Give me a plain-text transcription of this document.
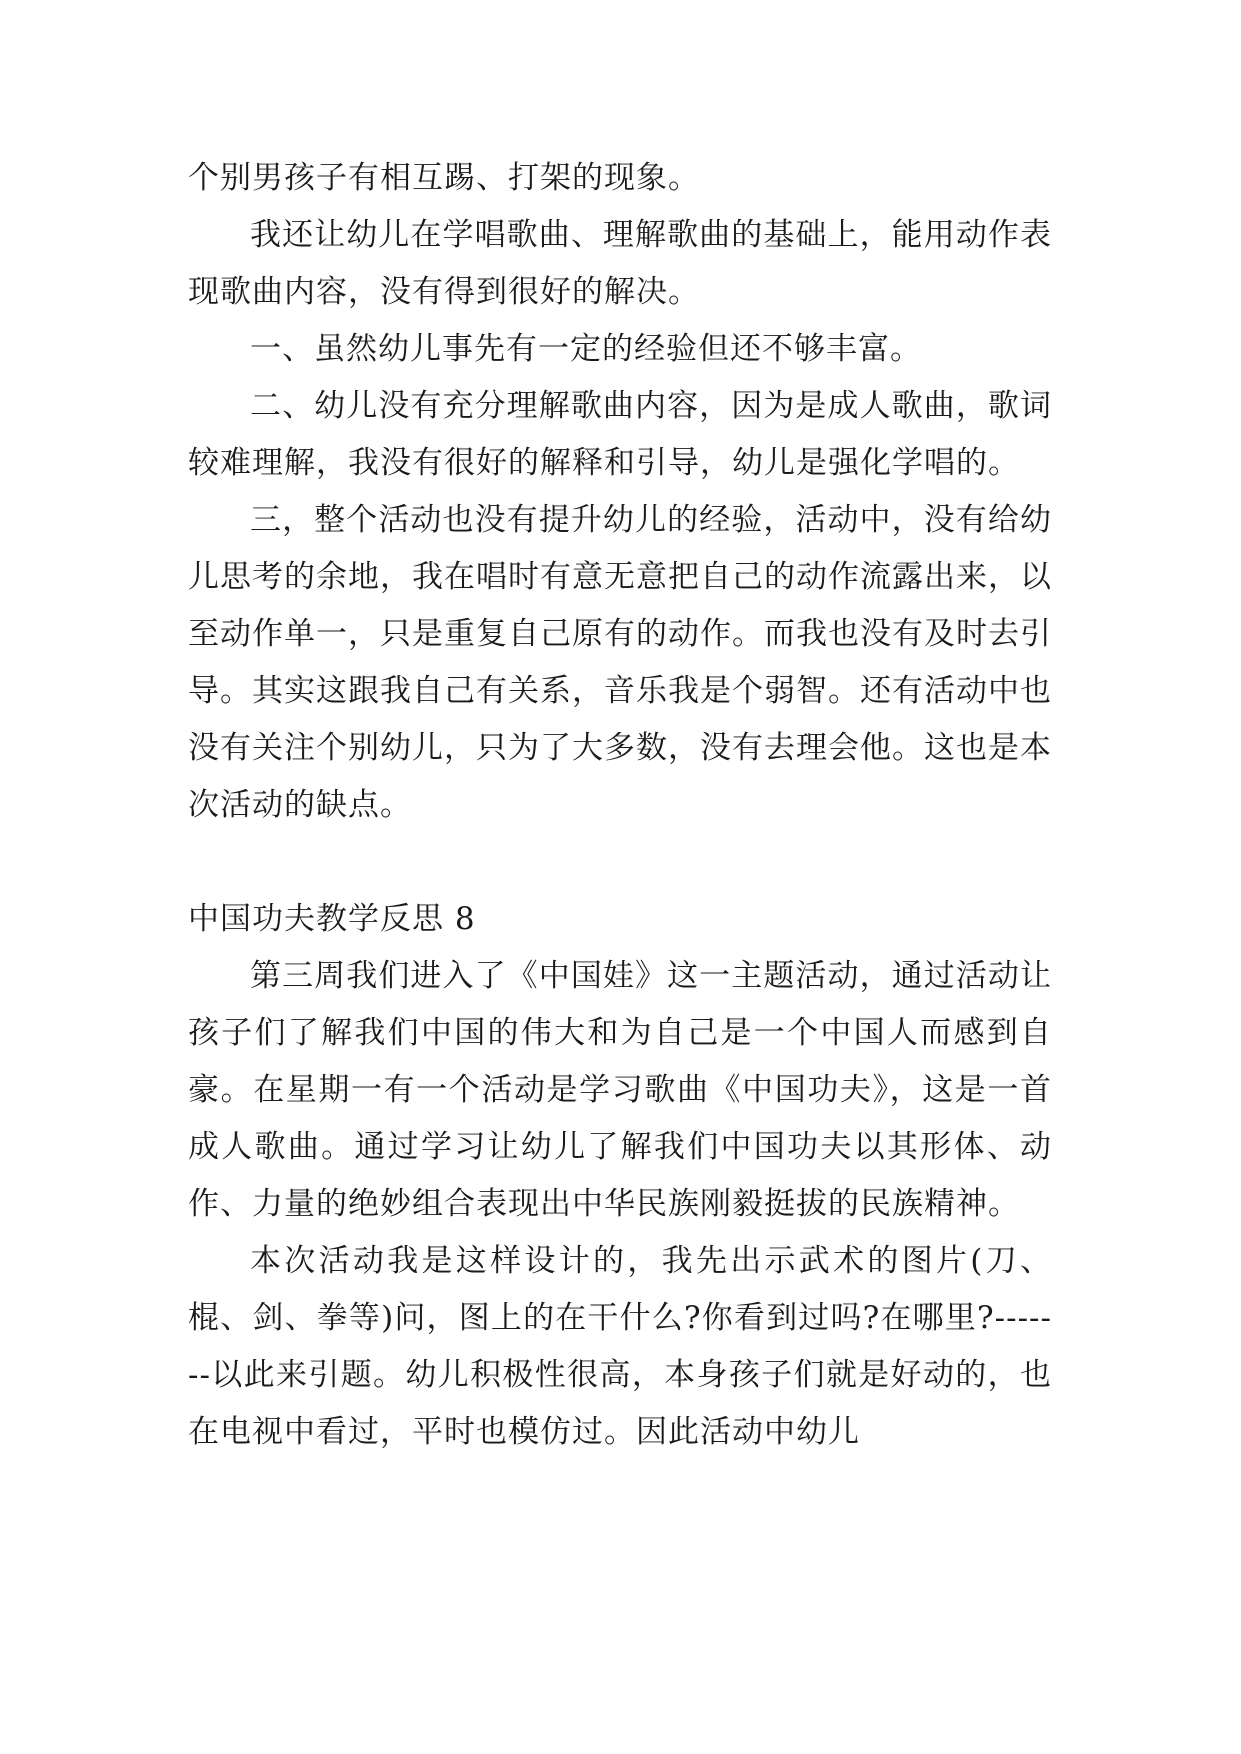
个别男孩子有相互踢、打架的现象。

我还让幼儿在学唱歌曲、理解歌曲的基础上，能用动作表现歌曲内容，没有得到很好的解决。

一、虽然幼儿事先有一定的经验但还不够丰富。

二、幼儿没有充分理解歌曲内容，因为是成人歌曲，歌词较难理解，我没有很好的解释和引导，幼儿是强化学唱的。

三，整个活动也没有提升幼儿的经验，活动中，没有给幼儿思考的余地，我在唱时有意无意把自己的动作流露出来，以至动作单一，只是重复自己原有的动作。而我也没有及时去引导。其实这跟我自己有关系，音乐我是个弱智。还有活动中也没有关注个别幼儿，只为了大多数，没有去理会他。这也是本次活动的缺点。

中国功夫教学反思 8

第三周我们进入了《中国娃》这一主题活动，通过活动让孩子们了解我们中国的伟大和为自己是一个中国人而感到自豪。在星期一有一个活动是学习歌曲《中国功夫》，这是一首成人歌曲。通过学习让幼儿了解我们中国功夫以其形体、动作、力量的绝妙组合表现出中华民族刚毅挺拔的民族精神。

本次活动我是这样设计的，我先出示武术的图片(刀、棍、剑、拳等)问，图上的在干什么?你看到过吗?在哪里?-------以此来引题。幼儿积极性很高，本身孩子们就是好动的，也在电视中看过，平时也模仿过。因此活动中幼儿
